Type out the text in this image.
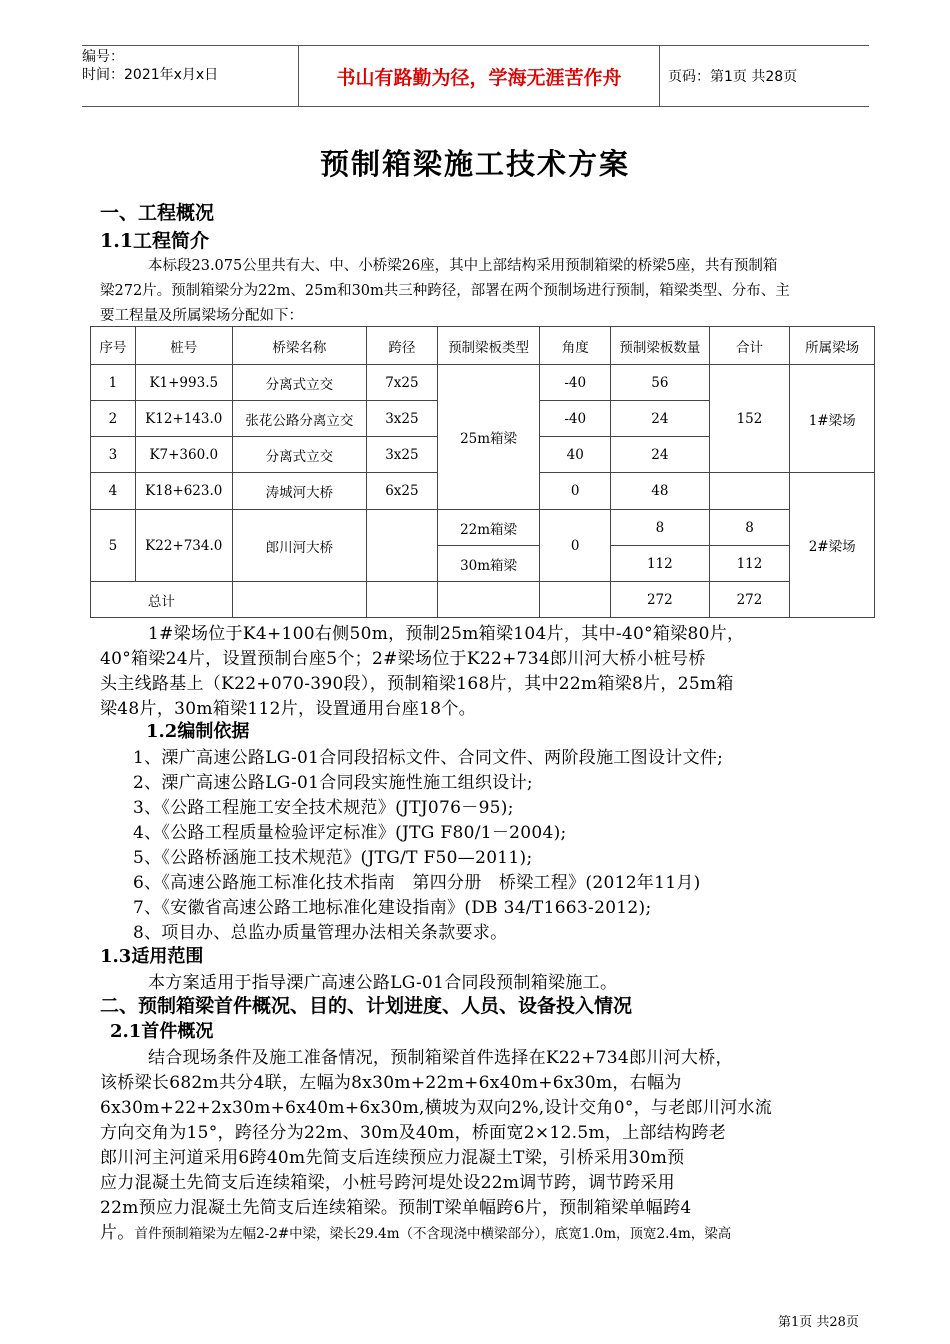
编号：
时间：2021年x月x日	书山有路勤为径，学海无涯苦作舟	页码：第1页 共28页
预制箱梁施工技术方案
一、工程概况
1.1工程简介
本标段23.075公里共有大、中、小桥梁26座，其中上部结构采用预制箱梁的桥梁5座，共有预制箱
梁272片。预制箱梁分为22m、25m和30m共三种跨径，部署在两个预制场进行预制，箱梁类型、分布、主
要工程量及所属梁场分配如下：
序号	桩号	桥梁名称	跨径	预制梁板类型	角度	预制梁板数量	合计	所属梁场
1	K1+993.5	分离式立交	7x25	25m箱梁	-40	56	152	1#梁场
2	K12+143.0	张花公路分离立交	3x25		-40	24		
3	K7+360.0	分离式立交	3x25		40	24		
4	K18+623.0	涛城河大桥	6x25		0	48		2#梁场
5	K22+734.0	郎川河大桥		22m箱梁	0	8	8	
				30m箱梁		112	112	
总计						272	272	
1#梁场位于K4+100右侧50m，预制25m箱梁104片，其中-40°箱梁80片，
40°箱梁24片，设置预制台座5个；2#梁场位于K22+734郎川河大桥小桩号桥
头主线路基上（K22+070-390段），预制箱梁168片，其中22m箱梁8片，25m箱
梁48片，30m箱梁112片，设置通用台座18个。
1.2编制依据
1、溧广高速公路LG-01合同段招标文件、合同文件、两阶段施工图设计文件;
2、溧广高速公路LG-01合同段实施性施工组织设计;
3、《公路工程施工安全技术规范》(JTJ076－95);
4、《公路工程质量检验评定标准》(JTG F80/1－2004);
5、《公路桥涵施工技术规范》(JTG/T F50—2011);
6、《高速公路施工标准化技术指南　第四分册　桥梁工程》(2012年11月)
7、《安徽省高速公路工地标准化建设指南》(DB 34/T1663-2012);
8、项目办、总监办质量管理办法相关条款要求。
1.3适用范围
本方案适用于指导溧广高速公路LG-01合同段预制箱梁施工。
二、预制箱梁首件概况、目的、计划进度、人员、设备投入情况
2.1首件概况
结合现场条件及施工准备情况，预制箱梁首件选择在K22+734郎川河大桥，
该桥梁长682m共分4联，左幅为8x30m+22m+6x40m+6x30m，右幅为
6x30m+22+2x30m+6x40m+6x30m,横坡为双向2%,设计交角0°，与老郎川河水流
方向交角为15°，跨径分为22m、30m及40m，桥面宽2×12.5m，上部结构跨老
郎川河主河道采用6跨40m先简支后连续预应力混凝土T梁，引桥采用30m预
应力混凝土先简支后连续箱梁，小桩号跨河堤处设22m调节跨，调节跨采用
22m预应力混凝土先简支后连续箱梁。预制T梁单幅跨6片，预制箱梁单幅跨4
片。首件预制箱梁为左幅2-2#中梁，梁长29.4m（不含现浇中横梁部分），底宽1.0m，顶宽2.4m，梁高
第1页 共28页
